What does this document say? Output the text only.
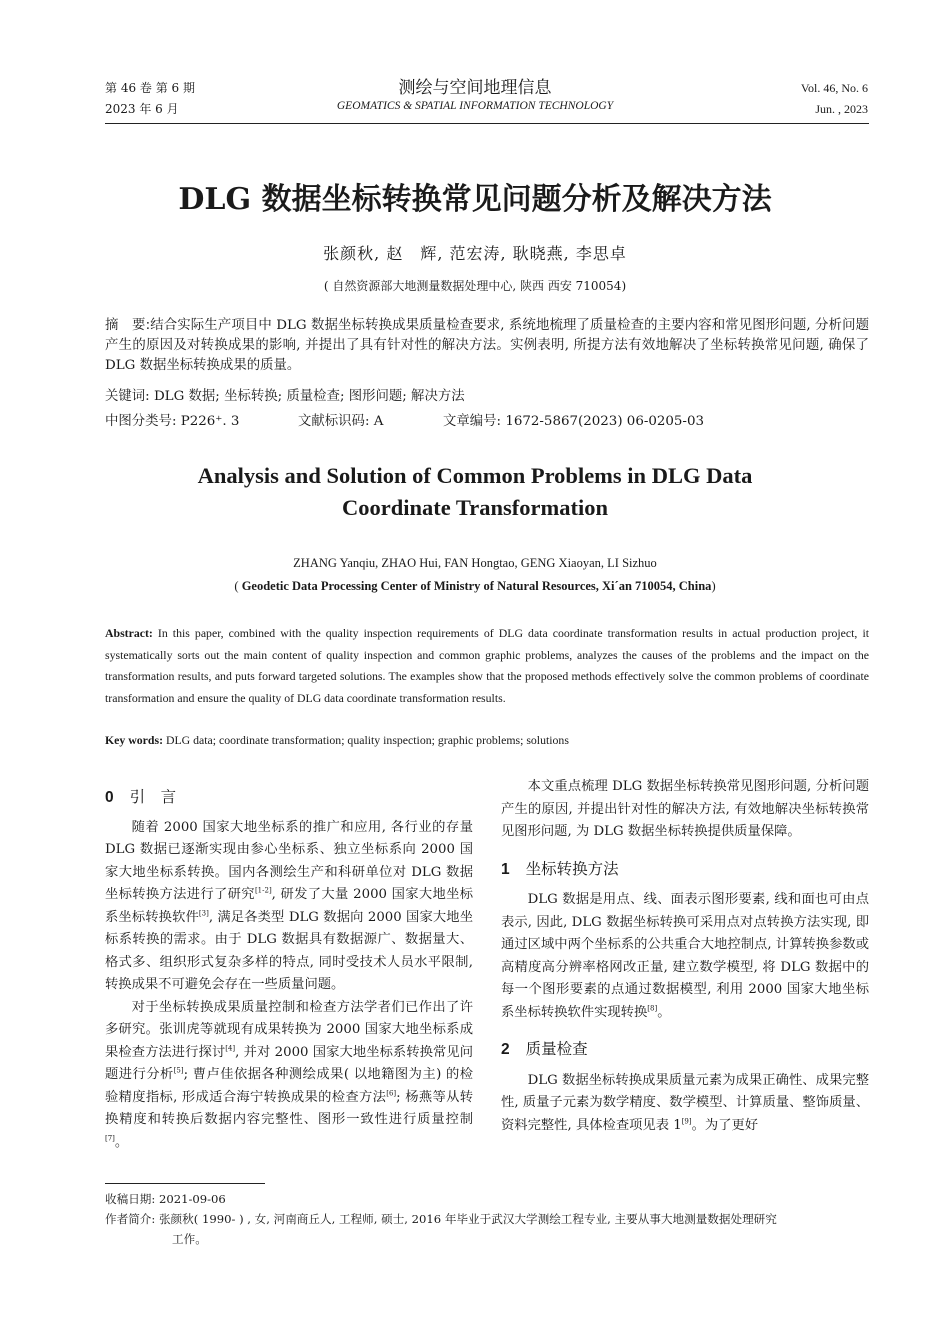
第 46 卷 第 6 期
2023 年 6 月
测绘与空间地理信息
GEOMATICS & SPATIAL INFORMATION TECHNOLOGY
Vol. 46, No. 6
Jun. , 2023
DLG 数据坐标转换常见问题分析及解决方法
张颜秋, 赵　辉, 范宏涛, 耿晓燕, 李思卓
( 自然资源部大地测量数据处理中心, 陕西 西安 710054)
摘　要:结合实际生产项目中 DLG 数据坐标转换成果质量检查要求, 系统地梳理了质量检查的主要内容和常见图形问题, 分析问题产生的原因及对转换成果的影响, 并提出了具有针对性的解决方法。实例表明, 所提方法有效地解决了坐标转换常见问题, 确保了 DLG 数据坐标转换成果的质量。
关键词: DLG 数据; 坐标转换; 质量检查; 图形问题; 解决方法
中图分类号: P226⁺. 3	文献标识码: A	文章编号: 1672-5867(2023) 06-0205-03
Analysis and Solution of Common Problems in DLG Data
Coordinate Transformation
ZHANG Yanqiu, ZHAO Hui, FAN Hongtao, GENG Xiaoyan, LI Sizhuo
( Geodetic Data Processing Center of Ministry of Natural Resources, Xi´an 710054, China)
Abstract: In this paper, combined with the quality inspection requirements of DLG data coordinate transformation results in actual production project, it systematically sorts out the main content of quality inspection and common graphic problems, analyzes the causes of the problems and the impact on the transformation results, and puts forward targeted solutions. The examples show that the proposed methods effectively solve the common problems of coordinate transformation and ensure the quality of DLG data coordinate transformation results.
Key words: DLG data; coordinate transformation; quality inspection; graphic problems; solutions
0 引　言

随着 2000 国家大地坐标系的推广和应用, 各行业的存量 DLG 数据已逐渐实现由参心坐标系、独立坐标系向 2000 国家大地坐标系转换。国内各测绘生产和科研单位对 DLG 数据坐标转换方法进行了研究[1-2], 研发了大量 2000 国家大地坐标系坐标转换软件[3], 满足各类型 DLG 数据向 2000 国家大地坐标系转换的需求。由于 DLG 数据具有数据源广、数据量大、格式多、组织形式复杂多样的特点, 同时受技术人员水平限制, 转换成果不可避免会存在一些质量问题。

对于坐标转换成果质量控制和检查方法学者们已作出了许多研究。张训虎等就现有成果转换为 2000 国家大地坐标系成果检查方法进行探讨[4], 并对 2000 国家大地坐标系转换常见问题进行分析[5]; 曹卢佳依据各种测绘成果( 以地籍图为主) 的检验精度指标, 形成适合海宁转换成果的检查方法[6]; 杨燕等从转换精度和转换后数据内容完整性、图形一致性进行质量控制[7]。

本文重点梳理 DLG 数据坐标转换常见图形问题, 分析问题产生的原因, 并提出针对性的解决方法, 有效地解决坐标转换常见图形问题, 为 DLG 数据坐标转换提供质量保障。

1 坐标转换方法

DLG 数据是用点、线、面表示图形要素, 线和面也可由点表示, 因此, DLG 数据坐标转换可采用点对点转换方法实现, 即通过区域中两个坐标系的公共重合大地控制点, 计算转换参数或高精度高分辨率格网改正量, 建立数学模型, 将 DLG 数据中的每一个图形要素的点通过数据模型, 利用 2000 国家大地坐标系坐标转换软件实现转换[8]。

2 质量检查

DLG 数据坐标转换成果质量元素为成果正确性、成果完整性, 质量子元素为数学精度、数学模型、计算质量、整饰质量、资料完整性, 具体检查项见表 1[9]。为了更好

收稿日期: 2021-09-06
作者简介: 张颜秋( 1990- ) , 女, 河南商丘人, 工程师, 硕士, 2016 年毕业于武汉大学测绘工程专业, 主要从事大地测量数据处理研究
工作。
